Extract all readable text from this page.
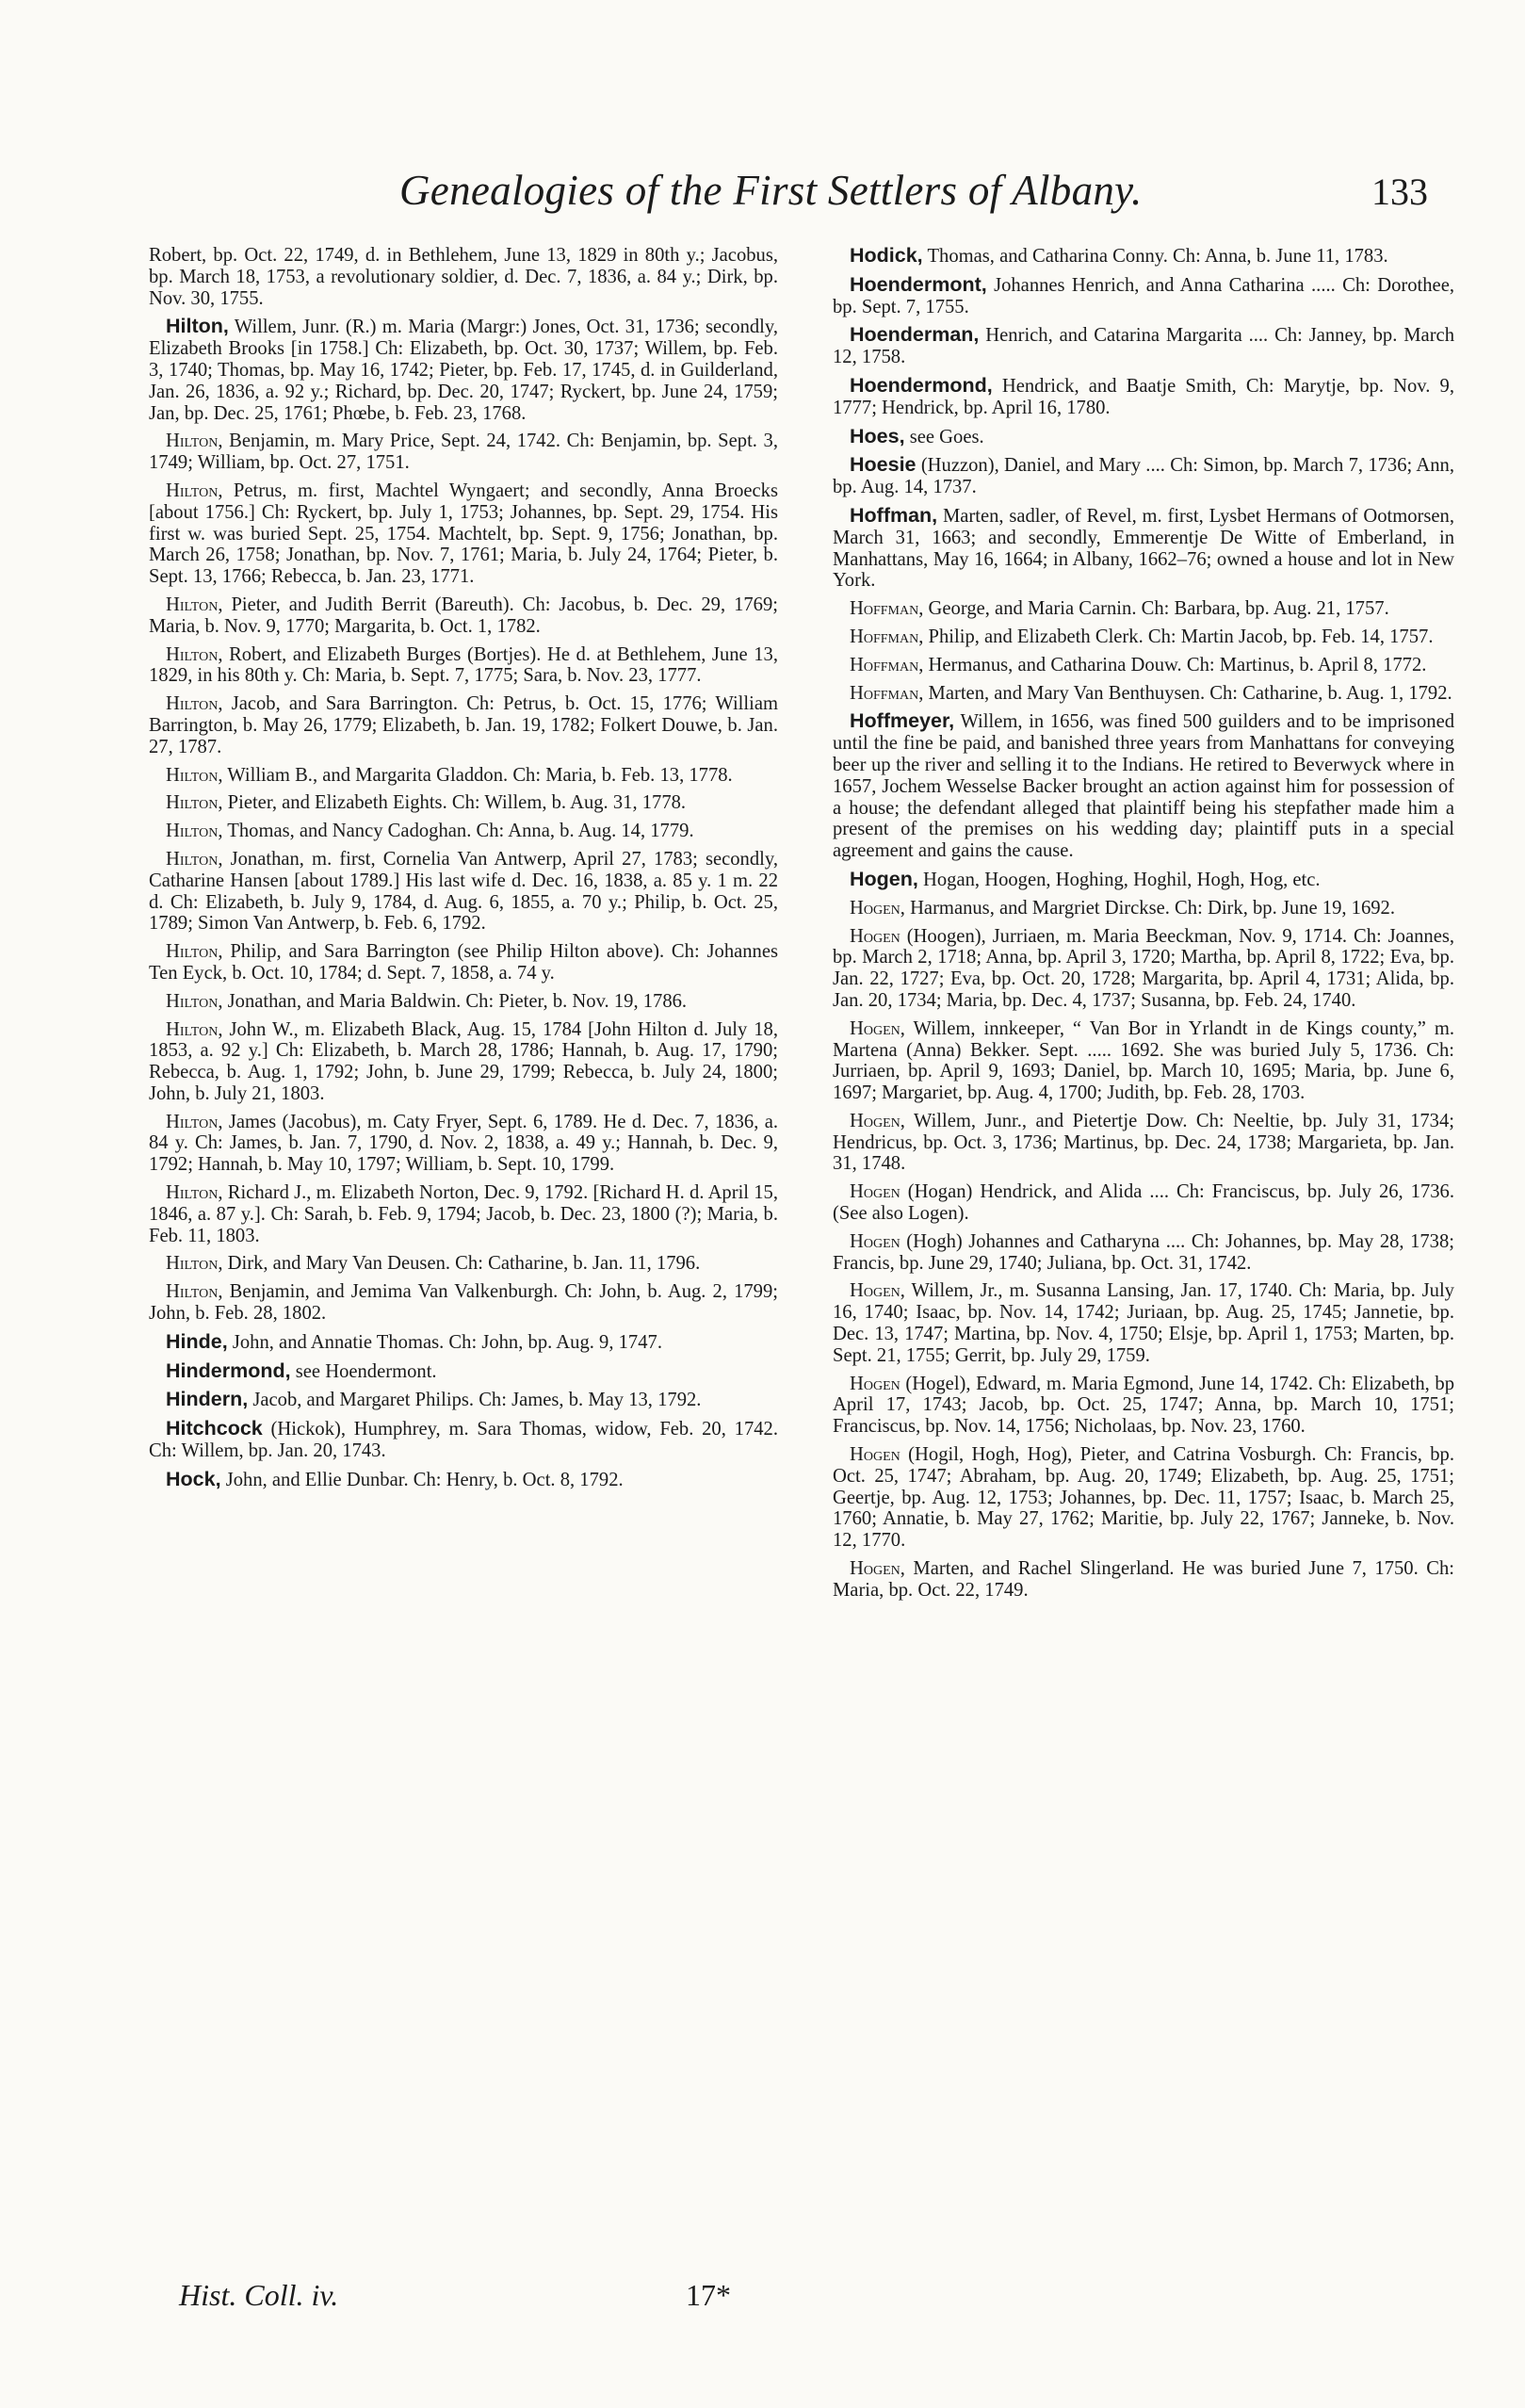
Genealogies of the First Settlers of Albany.	133

Robert, bp. Oct. 22, 1749, d. in Bethlehem, June 13, 1829 in 80th y.; Jacobus, bp. March 18, 1753, a revolutionary soldier, d. Dec. 7, 1836, a. 84 y.; Dirk, bp. Nov. 30, 1755.

Hilton, Willem, Junr. (R.) m. Maria (Margr:) Jones, Oct. 31, 1736; secondly, Elizabeth Brooks [in 1758.] Ch: Elizabeth, bp. Oct. 30, 1737; Willem, bp. Feb. 3, 1740; Thomas, bp. May 16, 1742; Pieter, bp. Feb. 17, 1745, d. in Guilderland, Jan. 26, 1836, a. 92 y.; Richard, bp. Dec. 20, 1747; Ryckert, bp. June 24, 1759; Jan, bp. Dec. 25, 1761; Phœbe, b. Feb. 23, 1768.

Hilton, Benjamin, m. Mary Price, Sept. 24, 1742. Ch: Benjamin, bp. Sept. 3, 1749; William, bp. Oct. 27, 1751.

Hilton, Petrus, m. first, Machtel Wyngaert; and secondly, Anna Broecks [about 1756.] Ch: Ryckert, bp. July 1, 1753; Johannes, bp. Sept. 29, 1754. His first w. was buried Sept. 25, 1754. Machtelt, bp. Sept. 9, 1756; Jonathan, bp. March 26, 1758; Jonathan, bp. Nov. 7, 1761; Maria, b. July 24, 1764; Pieter, b. Sept. 13, 1766; Rebecca, b. Jan. 23, 1771.

Hilton, Pieter, and Judith Berrit (Bareuth). Ch: Jacobus, b. Dec. 29, 1769; Maria, b. Nov. 9, 1770; Margarita, b. Oct. 1, 1782.

Hilton, Robert, and Elizabeth Burges (Bortjes). He d. at Bethlehem, June 13, 1829, in his 80th y. Ch: Maria, b. Sept. 7, 1775; Sara, b. Nov. 23, 1777.

Hilton, Jacob, and Sara Barrington. Ch: Petrus, b. Oct. 15, 1776; William Barrington, b. May 26, 1779; Elizabeth, b. Jan. 19, 1782; Folkert Douwe, b. Jan. 27, 1787.

Hilton, William B., and Margarita Gladdon. Ch: Maria, b. Feb. 13, 1778.

Hilton, Pieter, and Elizabeth Eights. Ch: Willem, b. Aug. 31, 1778.

Hilton, Thomas, and Nancy Cadoghan. Ch: Anna, b. Aug. 14, 1779.

Hilton, Jonathan, m. first, Cornelia Van Antwerp, April 27, 1783; secondly, Catharine Hansen [about 1789.] His last wife d. Dec. 16, 1838, a. 85 y. 1 m. 22 d. Ch: Elizabeth, b. July 9, 1784, d. Aug. 6, 1855, a. 70 y.; Philip, b. Oct. 25, 1789; Simon Van Antwerp, b. Feb. 6, 1792.

Hilton, Philip, and Sara Barrington (see Philip Hilton above). Ch: Johannes Ten Eyck, b. Oct. 10, 1784; d. Sept. 7, 1858, a. 74 y.

Hilton, Jonathan, and Maria Baldwin. Ch: Pieter, b. Nov. 19, 1786.

Hilton, John W., m. Elizabeth Black, Aug. 15, 1784 [John Hilton d. July 18, 1853, a. 92 y.] Ch: Elizabeth, b. March 28, 1786; Hannah, b. Aug. 17, 1790; Rebecca, b. Aug. 1, 1792; John, b. June 29, 1799; Rebecca, b. July 24, 1800; John, b. July 21, 1803.

Hilton, James (Jacobus), m. Caty Fryer, Sept. 6, 1789. He d. Dec. 7, 1836, a. 84 y. Ch: James, b. Jan. 7, 1790, d. Nov. 2, 1838, a. 49 y.; Hannah, b. Dec. 9, 1792; Hannah, b. May 10, 1797; William, b. Sept. 10, 1799.

Hilton, Richard J., m. Elizabeth Norton, Dec. 9, 1792. [Richard H. d. April 15, 1846, a. 87 y.]. Ch: Sarah, b. Feb. 9, 1794; Jacob, b. Dec. 23, 1800 (?); Maria, b. Feb. 11, 1803.

Hilton, Dirk, and Mary Van Deusen. Ch: Catharine, b. Jan. 11, 1796.

Hilton, Benjamin, and Jemima Van Valkenburgh. Ch: John, b. Aug. 2, 1799; John, b. Feb. 28, 1802.

Hinde, John, and Annatie Thomas. Ch: John, bp. Aug. 9, 1747.

Hindermond, see Hoendermont.

Hindern, Jacob, and Margaret Philips. Ch: James, b. May 13, 1792.

Hitchcock (Hickok), Humphrey, m. Sara Thomas, widow, Feb. 20, 1742. Ch: Willem, bp. Jan. 20, 1743.

Hock, John, and Ellie Dunbar. Ch: Henry, b. Oct. 8, 1792.

Hodick, Thomas, and Catharina Conny. Ch: Anna, b. June 11, 1783.

Hoendermont, Johannes Henrich, and Anna Catharina ..... Ch: Dorothee, bp. Sept. 7, 1755.

Hoenderman, Henrich, and Catarina Margarita .... Ch: Janney, bp. March 12, 1758.

Hoendermond, Hendrick, and Baatje Smith, Ch: Marytje, bp. Nov. 9, 1777; Hendrick, bp. April 16, 1780.

Hoes, see Goes.

Hoesie (Huzzon), Daniel, and Mary .... Ch: Simon, bp. March 7, 1736; Ann, bp. Aug. 14, 1737.

Hoffman, Marten, sadler, of Revel, m. first, Lysbet Hermans of Ootmorsen, March 31, 1663; and secondly, Emmerentje De Witte of Emberland, in Manhattans, May 16, 1664; in Albany, 1662–76; owned a house and lot in New York.

Hoffman, George, and Maria Carnin. Ch: Barbara, bp. Aug. 21, 1757.

Hoffman, Philip, and Elizabeth Clerk. Ch: Martin Jacob, bp. Feb. 14, 1757.

Hoffman, Hermanus, and Catharina Douw. Ch: Martinus, b. April 8, 1772.

Hoffman, Marten, and Mary Van Benthuysen. Ch: Catharine, b. Aug. 1, 1792.

Hoffmeyer, Willem, in 1656, was fined 500 guilders and to be imprisoned until the fine be paid, and banished three years from Manhattans for conveying beer up the river and selling it to the Indians. He retired to Beverwyck where in 1657, Jochem Wesselse Backer brought an action against him for possession of a house; the defendant alleged that plaintiff being his stepfather made him a present of the premises on his wedding day; plaintiff puts in a special agreement and gains the cause.

Hogen, Hogan, Hoogen, Hoghing, Hoghil, Hogh, Hog, etc.

Hogen, Harmanus, and Margriet Dirckse. Ch: Dirk, bp. June 19, 1692.

Hogen (Hoogen), Jurriaen, m. Maria Beeckman, Nov. 9, 1714. Ch: Joannes, bp. March 2, 1718; Anna, bp. April 3, 1720; Martha, bp. April 8, 1722; Eva, bp. Jan. 22, 1727; Eva, bp. Oct. 20, 1728; Margarita, bp. April 4, 1731; Alida, bp. Jan. 20, 1734; Maria, bp. Dec. 4, 1737; Susanna, bp. Feb. 24, 1740.

Hogen, Willem, innkeeper, “ Van Bor in Yrlandt in de Kings county,” m. Martena (Anna) Bekker. Sept. ..... 1692. She was buried July 5, 1736. Ch: Jurriaen, bp. April 9, 1693; Daniel, bp. March 10, 1695; Maria, bp. June 6, 1697; Margariet, bp. Aug. 4, 1700; Judith, bp. Feb. 28, 1703.

Hogen, Willem, Junr., and Pietertje Dow. Ch: Neeltie, bp. July 31, 1734; Hendricus, bp. Oct. 3, 1736; Martinus, bp. Dec. 24, 1738; Margarieta, bp. Jan. 31, 1748.

Hogen (Hogan) Hendrick, and Alida .... Ch: Franciscus, bp. July 26, 1736. (See also Logen).

Hogen (Hogh) Johannes and Catharyna .... Ch: Johannes, bp. May 28, 1738; Francis, bp. June 29, 1740; Juliana, bp. Oct. 31, 1742.

Hogen, Willem, Jr., m. Susanna Lansing, Jan. 17, 1740. Ch: Maria, bp. July 16, 1740; Isaac, bp. Nov. 14, 1742; Juriaan, bp. Aug. 25, 1745; Jannetie, bp. Dec. 13, 1747; Martina, bp. Nov. 4, 1750; Elsje, bp. April 1, 1753; Marten, bp. Sept. 21, 1755; Gerrit, bp. July 29, 1759.

Hogen (Hogel), Edward, m. Maria Egmond, June 14, 1742. Ch: Elizabeth, bp April 17, 1743; Jacob, bp. Oct. 25, 1747; Anna, bp. March 10, 1751; Franciscus, bp. Nov. 14, 1756; Nicholaas, bp. Nov. 23, 1760.

Hogen (Hogil, Hogh, Hog), Pieter, and Catrina Vosburgh. Ch: Francis, bp. Oct. 25, 1747; Abraham, bp. Aug. 20, 1749; Elizabeth, bp. Aug. 25, 1751; Geertje, bp. Aug. 12, 1753; Johannes, bp. Dec. 11, 1757; Isaac, b. March 25, 1760; Annatie, b. May 27, 1762; Maritie, bp. July 22, 1767; Janneke, b. Nov. 12, 1770.

Hogen, Marten, and Rachel Slingerland. He was buried June 7, 1750. Ch: Maria, bp. Oct. 22, 1749.

Hist. Coll. iv.	17*
